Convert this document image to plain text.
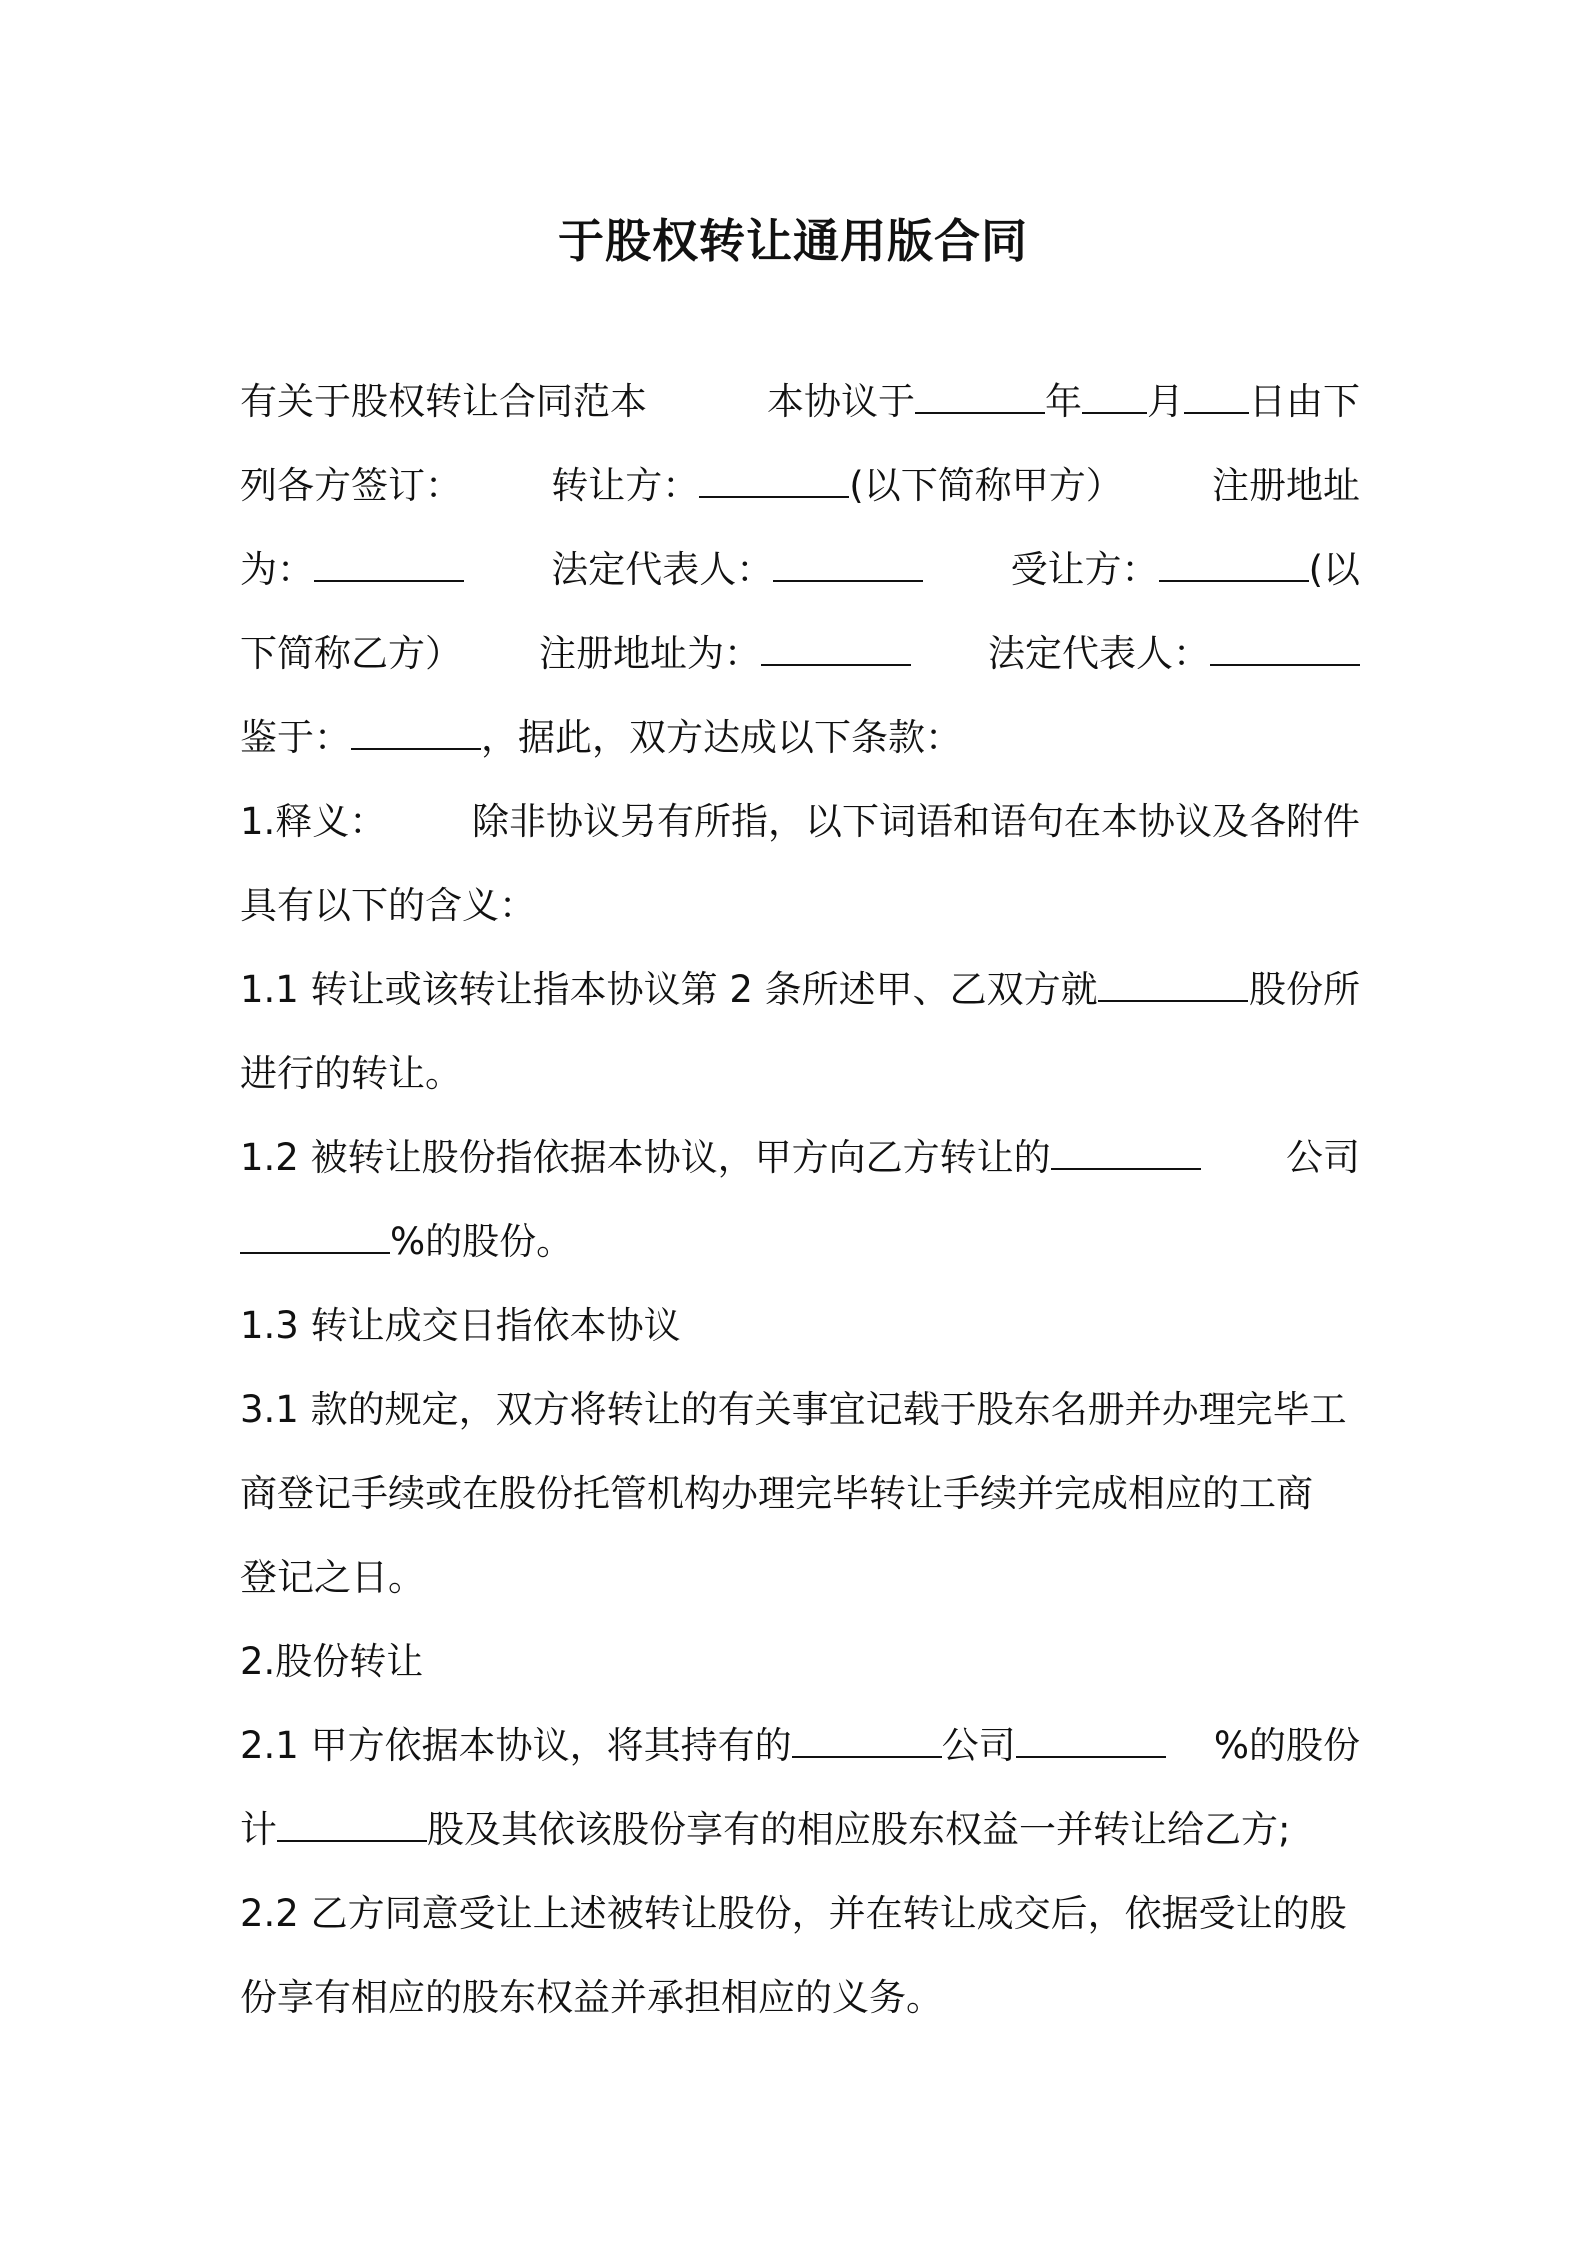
于股权转让通用版合同
有关于股权转让合同范本	本协议于	年 月 日由下
列各方签订： 转让方：	(以下简称甲方） 注册地址
为：	法定代表人：	受让方：	(以
下简称乙方） 注册地址为：	法定代表人：
鉴于：	，据此，双方达成以下条款：
1.释义： 除非协议另有所指，以下词语和语句在本协议及各附件
具有以下的含义：
1.1 转让或该转让指本协议第 2 条所述甲、乙双方就	股份所
进行的转让。
1.2 被转让股份指依据本协议，甲方向乙方转让的	公司
%的股份。
1.3 转让成交日指依本协议
3.1 款的规定，双方将转让的有关事宜记载于股东名册并办理完毕工
商登记手续或在股份托管机构办理完毕转让手续并完成相应的工商
登记之日。
2.股份转让
2.1 甲方依据本协议，将其持有的	公司	%的股份
计	股及其依该股份享有的相应股东权益一并转让给乙方;
2.2 乙方同意受让上述被转让股份，并在转让成交后，依据受让的股
份享有相应的股东权益并承担相应的义务。
